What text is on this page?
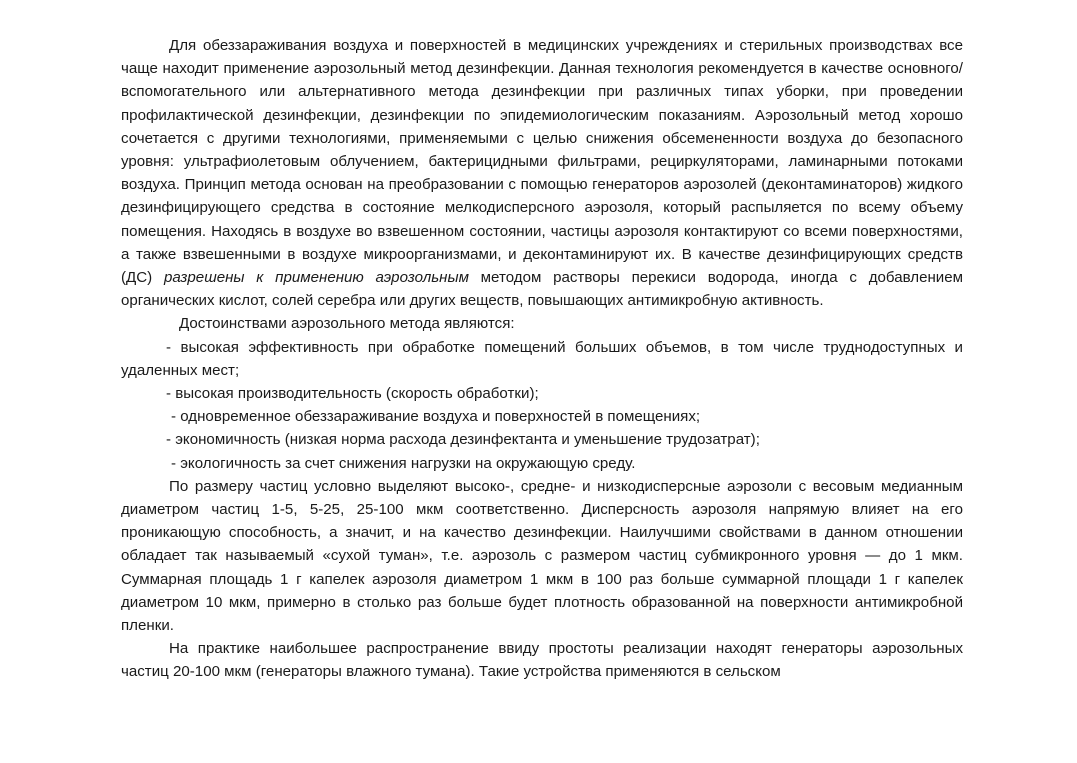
Для обеззараживания воздуха и поверхностей в медицинских учреждениях и стерильных производствах все чаще находит применение аэрозольный метод дезинфекции. Данная технология рекомендуется в качестве основного/вспомогательного или альтернативного метода дезинфекции при различных типах уборки, при проведении профилактической дезинфекции, дезинфекции по эпидемиологическим показаниям. Аэрозольный метод хорошо сочетается с другими технологиями, применяемыми с целью снижения обсемененности воздуха до безопасного уровня: ультрафиолетовым облучением, бактерицидными фильтрами, рециркуляторами, ламинарными потоками воздуха. Принцип метода основан на преобразовании с помощью генераторов аэрозолей (деконтаминаторов) жидкого дезинфицирующего средства в состояние мелкодисперсного аэрозоля, который распыляется по всему объему помещения. Находясь в воздухе во взвешенном состоянии, частицы аэрозоля контактируют со всеми поверхностями, а также взвешенными в воздухе микроорганизмами, и деконтаминируют их. В качестве дезинфицирующих средств (ДС) разрешены к применению аэрозольным методом растворы перекиси водорода, иногда с добавлением органических кислот, солей серебра или других веществ, повышающих антимикробную активность.

Достоинствами аэрозольного метода являются:

- высокая эффективность при обработке помещений больших объемов, в том числе труднодоступных и удаленных мест;

- высокая производительность (скорость обработки);

- одновременное обеззараживание воздуха и поверхностей в помещениях;

- экономичность (низкая норма расхода дезинфектанта и уменьшение трудозатрат);

- экологичность за счет снижения нагрузки на окружающую среду.

По размеру частиц условно выделяют высоко-, средне- и низкодисперсные аэрозоли с весовым медианным диаметром частиц 1-5, 5-25, 25-100 мкм соответственно. Дисперсность аэрозоля напрямую влияет на его проникающую способность, а значит, и на качество дезинфекции. Наилучшими свойствами в данном отношении обладает так называемый «сухой туман», т.е. аэрозоль с размером частиц субмикронного уровня — до 1 мкм. Суммарная площадь 1 г капелек аэрозоля диаметром 1 мкм в 100 раз больше суммарной площади 1 г капелек диаметром 10 мкм, примерно в столько раз больше будет плотность образованной на поверхности антимикробной пленки.

На практике наибольшее распространение ввиду простоты реализации находят генераторы аэрозольных частиц 20-100 мкм (генераторы влажного тумана). Такие устройства применяются в сельском
